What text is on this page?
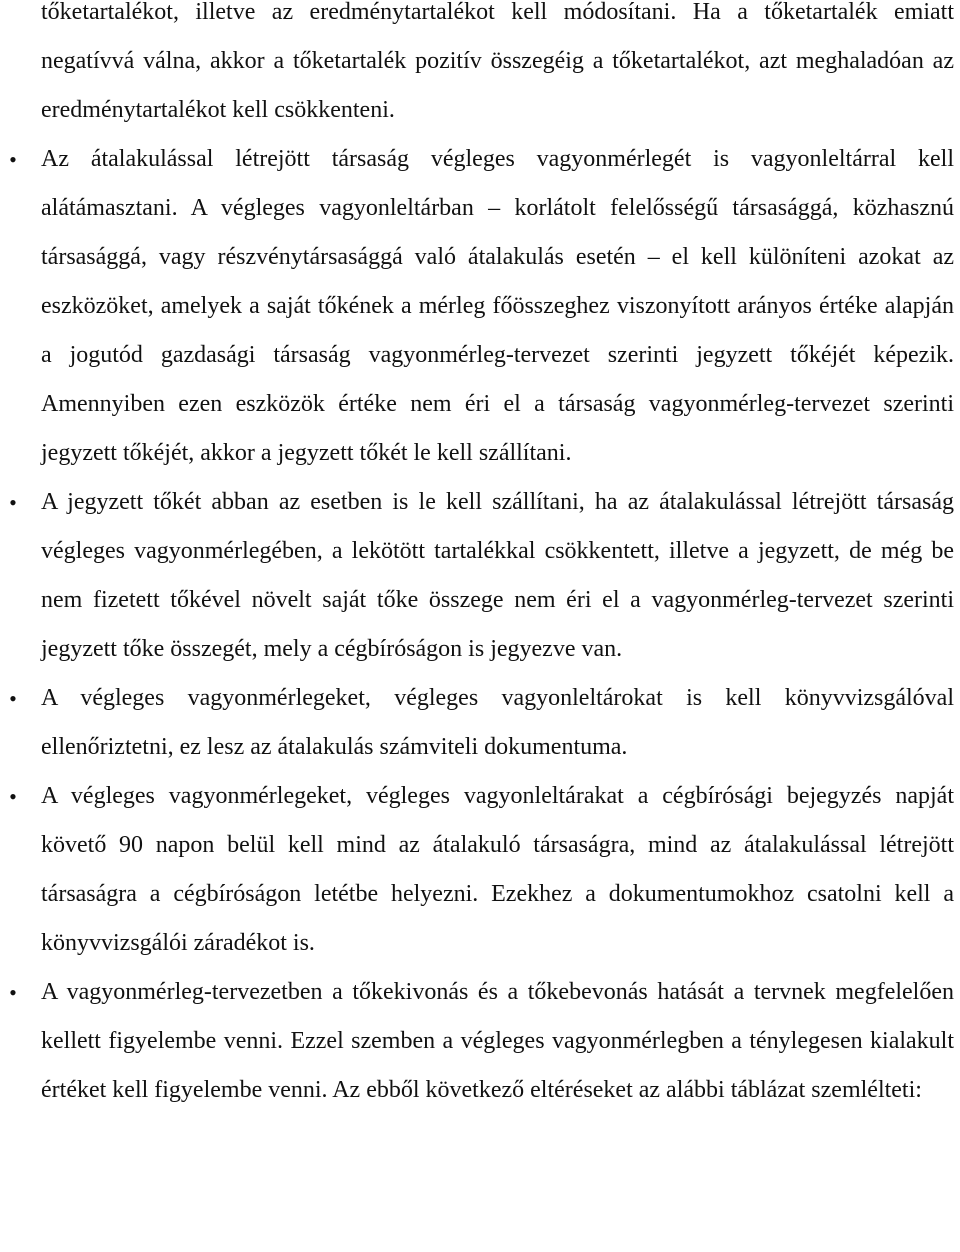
tőketartalékot, illetve az eredménytartalékot kell módosítani. Ha a tőketartalék emiatt negatívvá válna, akkor a tőketartalék pozitív összegéig a tőketartalékot, azt meghaladóan az eredménytartalékot kell csökkenteni.

• Az átalakulással létrejött társaság végleges vagyonmérlegét is vagyonleltárral kell alátámasztani. A végleges vagyonleltárban – korlátolt felelősségű társasággá, közhasznú társasággá, vagy részvénytársasággá való átalakulás esetén – el kell különíteni azokat az eszközöket, amelyek a saját tőkének a mérleg főösszeghez viszonyított arányos értéke alapján a jogutód gazdasági társaság vagyonmérleg-tervezet szerinti jegyzett tőkéjét képezik. Amennyiben ezen eszközök értéke nem éri el a társaság vagyonmérleg-tervezet szerinti jegyzett tőkéjét, akkor a jegyzett tőkét le kell szállítani.
• A jegyzett tőkét abban az esetben is le kell szállítani, ha az átalakulással létrejött társaság végleges vagyonmérlegében, a lekötött tartalékkal csökkentett, illetve a jegyzett, de még be nem fizetett tőkével növelt saját tőke összege nem éri el a vagyonmérleg-tervezet szerinti jegyzett tőke összegét, mely a cégbíróságon is jegyezve van.
• A végleges vagyonmérlegeket, végleges vagyonleltárokat is kell könyvvizsgálóval ellenőriztetni, ez lesz az átalakulás számviteli dokumentuma.
• A végleges vagyonmérlegeket, végleges vagyonleltárakat a cégbírósági bejegyzés napját követő 90 napon belül kell mind az átalakuló társaságra, mind az átalakulással létrejött társaságra a cégbíróságon letétbe helyezni. Ezekhez a dokumentumokhoz csatolni kell a könyvvizsgálói záradékot is.
• A vagyonmérleg-tervezetben a tőkekivonás és a tőkebevonás hatását a tervnek megfelelően kellett figyelembe venni. Ezzel szemben a végleges vagyonmérlegben a ténylegesen kialakult értéket kell figyelembe venni. Az ebből következő eltéréseket az alábbi táblázat szemlélteti:
